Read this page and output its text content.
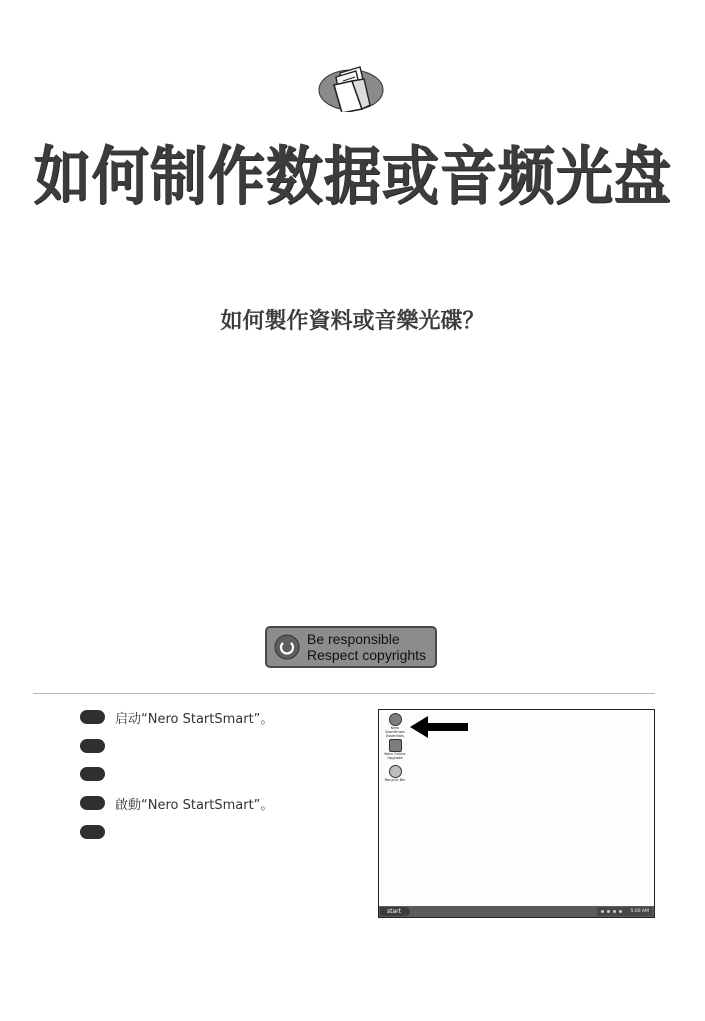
如何制作数据或音频光盘
如何製作資料或音樂光碟？
Be responsible
Respect copyrights
启动“Nero StartSmart”。
啟動“Nero StartSmart”。
Nero StartSmart Essentials
Nero Online Upgrade
Recycle Bin
start	5:00 AM
